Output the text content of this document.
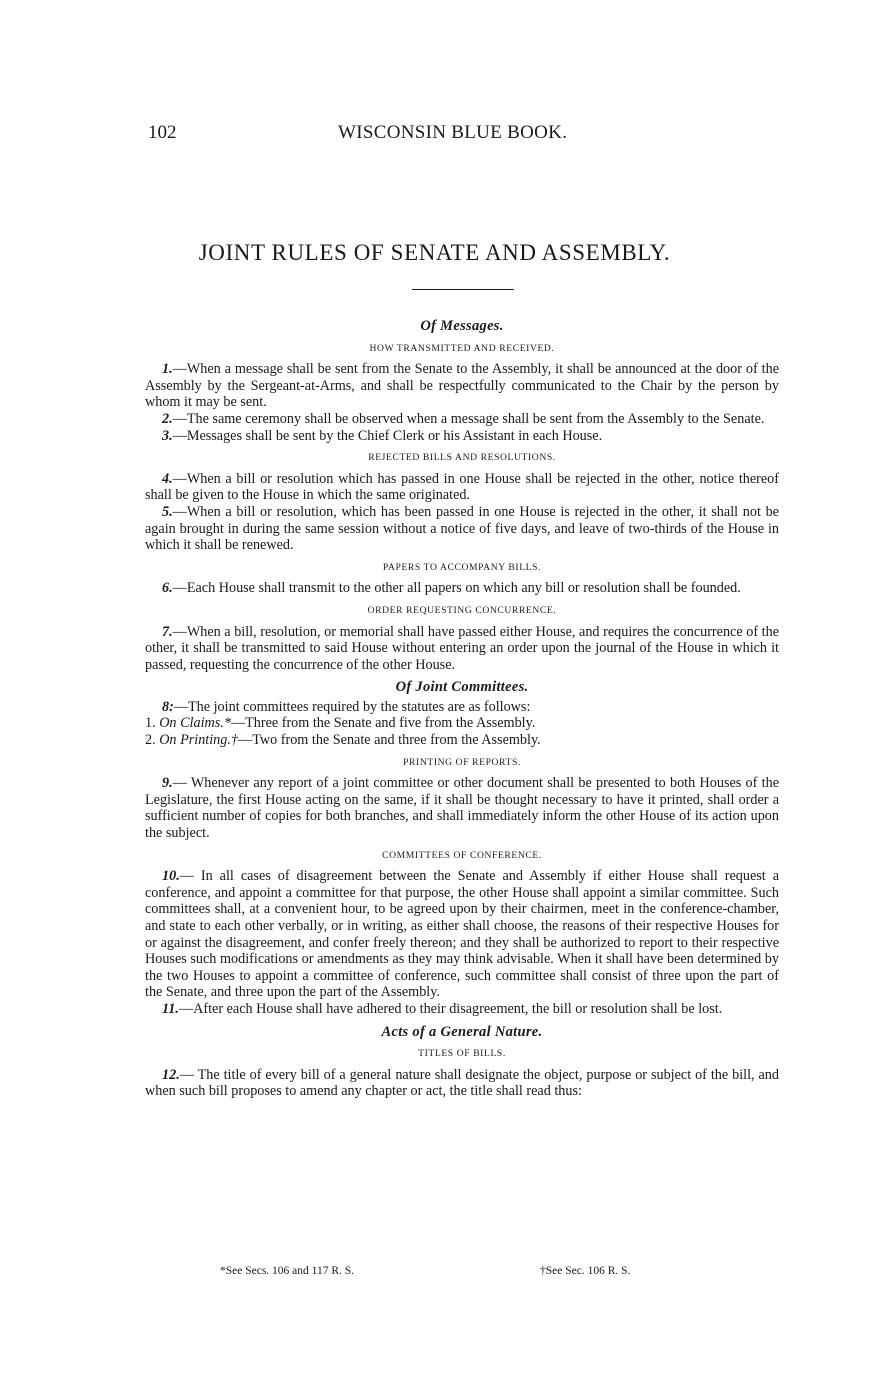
102	WISCONSIN BLUE BOOK.
JOINT RULES OF SENATE AND ASSEMBLY.
Of Messages.
HOW TRANSMITTED AND RECEIVED.

1.—When a message shall be sent from the Senate to the Assembly, it shall be announced at the door of the Assembly by the Sergeant-at-Arms, and shall be respectfully communicated to the Chair by the person by whom it may be sent.

2.—The same ceremony shall be observed when a message shall be sent from the Assembly to the Senate.

3.—Messages shall be sent by the Chief Clerk or his Assistant in each House.

REJECTED BILLS AND RESOLUTIONS.

4.—When a bill or resolution which has passed in one House shall be rejected in the other, notice thereof shall be given to the House in which the same originated.

5.—When a bill or resolution, which has been passed in one House is rejected in the other, it shall not be again brought in during the same session without a notice of five days, and leave of two-thirds of the House in which it shall be renewed.

PAPERS TO ACCOMPANY BILLS.

6.—Each House shall transmit to the other all papers on which any bill or resolution shall be founded.

ORDER REQUESTING CONCURRENCE.

7.—When a bill, resolution, or memorial shall have passed either House, and requires the concurrence of the other, it shall be transmitted to said House without entering an order upon the journal of the House in which it passed, requesting the concurrence of the other House.

Of Joint Committees.

8:—The joint committees required by the statutes are as follows:

1. On Claims.*—Three from the Senate and five from the Assembly.

2. On Printing.†—Two from the Senate and three from the Assembly.

PRINTING OF REPORTS.

9.— Whenever any report of a joint committee or other document shall be presented to both Houses of the Legislature, the first House acting on the same, if it shall be thought necessary to have it printed, shall order a sufficient number of copies for both branches, and shall immediately inform the other House of its action upon the subject.

COMMITTEES OF CONFERENCE.

10.— In all cases of disagreement between the Senate and Assembly if either House shall request a conference, and appoint a committee for that purpose, the other House shall appoint a similar committee. Such committees shall, at a convenient hour, to be agreed upon by their chairmen, meet in the conference-chamber, and state to each other verbally, or in writing, as either shall choose, the reasons of their respective Houses for or against the disagreement, and confer freely thereon; and they shall be authorized to report to their respective Houses such modifications or amendments as they may think advisable. When it shall have been determined by the two Houses to appoint a committee of conference, such committee shall consist of three upon the part of the Senate, and three upon the part of the Assembly.

11.—After each House shall have adhered to their disagreement, the bill or resolution shall be lost.

Acts of a General Nature.
TITLES OF BILLS.

12.— The title of every bill of a general nature shall designate the object, purpose or subject of the bill, and when such bill proposes to amend any chapter or act, the title shall read thus:

*See Secs. 106 and 117 R. S.	†See Sec. 106 R. S.
